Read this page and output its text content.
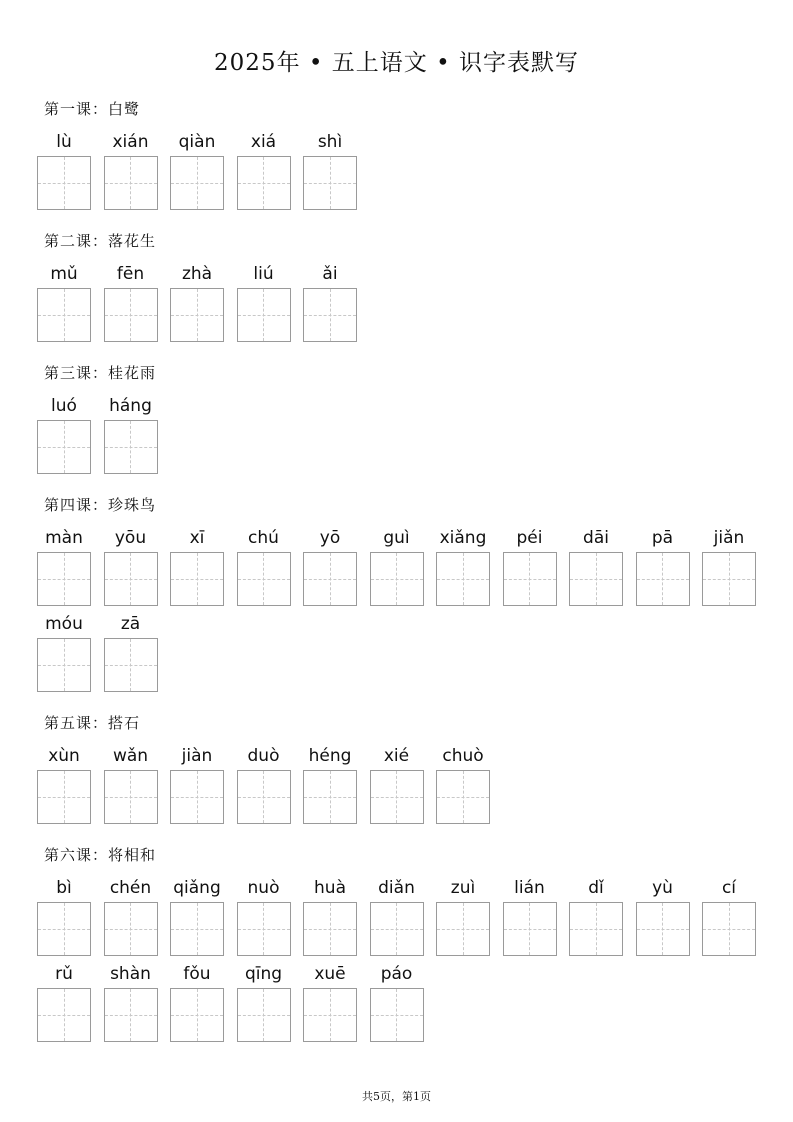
2025年 • 五上语文 • 识字表默写
第一课：白鹭
lù	xián	qiàn	xiá	shì
第二课：落花生
mǔ	fēn	zhà	liú	ǎi
第三课：桂花雨
luó	háng
第四课：珍珠鸟
màn	yōu	xī	chú	yō	guì	xiǎng	péi	dāi	pā	jiǎn
móu	zā
第五课：搭石
xùn	wǎn	jiàn	duò	héng	xié	chuò
第六课：将相和
bì	chén	qiǎng	nuò	huà	diǎn	zuì	lián	dǐ	yù	cí
rǔ	shàn	fǒu	qīng	xuē	páo
共5页，第1页
